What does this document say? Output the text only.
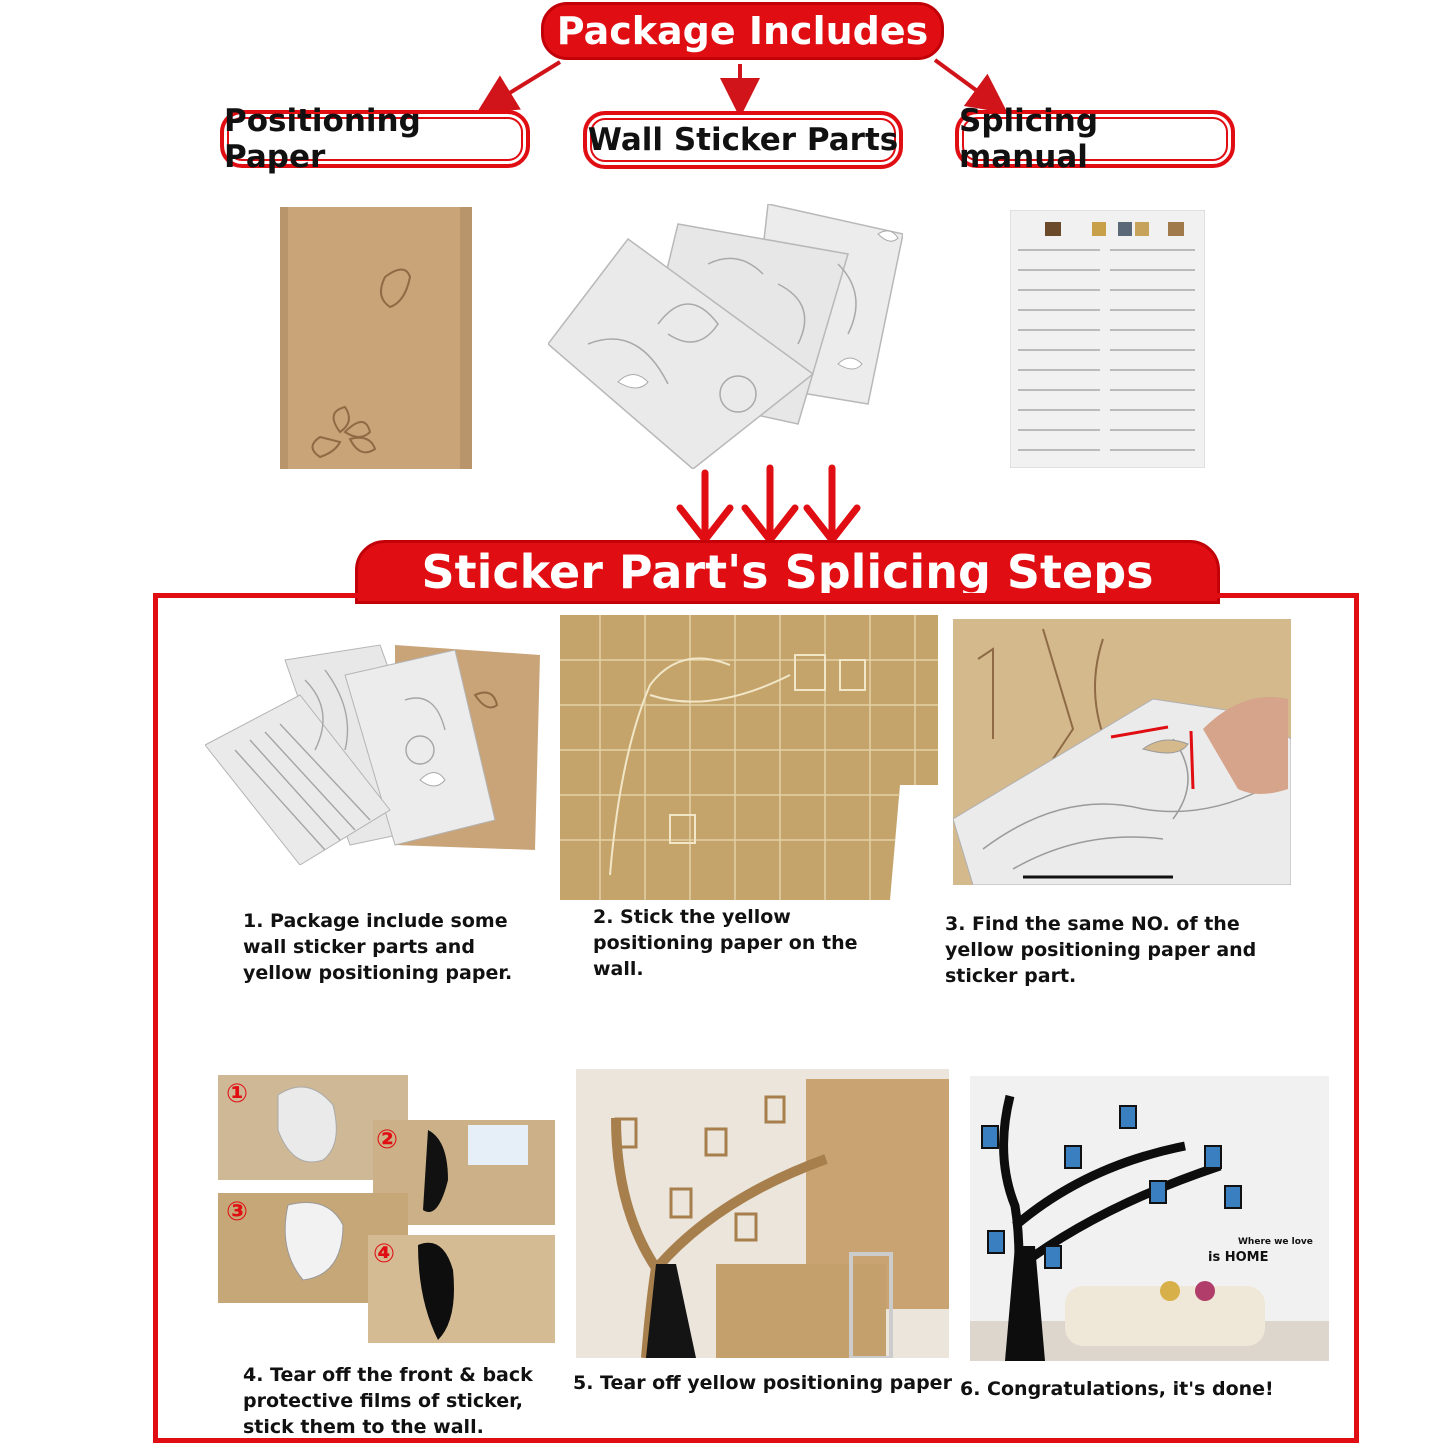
Package Includes
Positioning Paper	Wall Sticker Parts
Splicing manual
Sticker Part's Splicing Steps
1. Package include some wall sticker parts and yellow positioning paper.
2. Stick the yellow positioning paper on the wall.
3. Find the same NO. of the yellow positioning paper and sticker part.
①
②
③
④	Where we love
is HOME
4. Tear off the front & back protective films of sticker, stick them to the wall.
5. Tear off yellow positioning paper 6. Congratulations, it's done!
